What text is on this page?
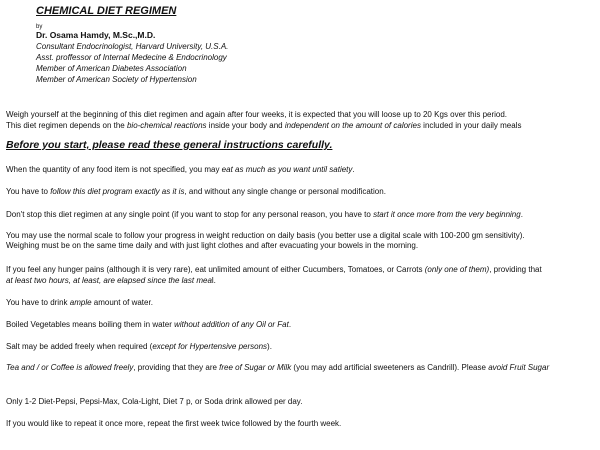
CHEMICAL DIET REGIMEN
by
Dr. Osama Hamdy, M.Sc.,M.D.
Consultant Endocrinologist, Harvard University, U.S.A.
Asst. proffessor of Internal Medecine & Endocrinology
Member of American Diabetes Association
Member of American Society of Hypertension
Weigh yourself at the beginning of this diet regimen and again after four weeks, it is expected that you will loose up to 20 Kgs over this period.
This diet regimen depends on the bio-chemical reactions inside your body and independent on the amount of calories included in your daily meals
Before you start, please read these general instructions carefully.
When the quantity of any food item is not specified, you may eat as much as you want until satiety.
You have to follow this diet program exactly as it is, and without any single change or personal modification.
Don't stop this diet regimen at any single point (if you want to stop for any personal reason, you have to start it once more from the very beginning.
You may use the normal scale to follow your progress in weight reduction on daily basis (you better use a digital scale with 100-200 gm sensitivity).
Weighing must be on the same time daily and with just light clothes and after evacuating your bowels in the morning.
If you feel any hunger pains (although it is very rare), eat unlimited amount of either Cucumbers, Tomatoes, or Carrots (only one of them), providing that
at least two hours, at least, are elapsed since the last meal.
You have to drink ample amount of water.
Boiled Vegetables means boiling them in water without addition of any Oil or Fat.
Salt may be added freely when required (except for Hypertensive persons).
Tea and / or Coffee is allowed freely, providing that they are free of Sugar or Milk (you may add artificial sweeteners as Candrill). Please avoid Fruit Sugar
Only 1-2 Diet-Pepsi, Pepsi-Max, Cola-Light, Diet 7 p, or Soda drink allowed per day.
If you would like to repeat it once more, repeat the first week twice followed by the fourth week.
